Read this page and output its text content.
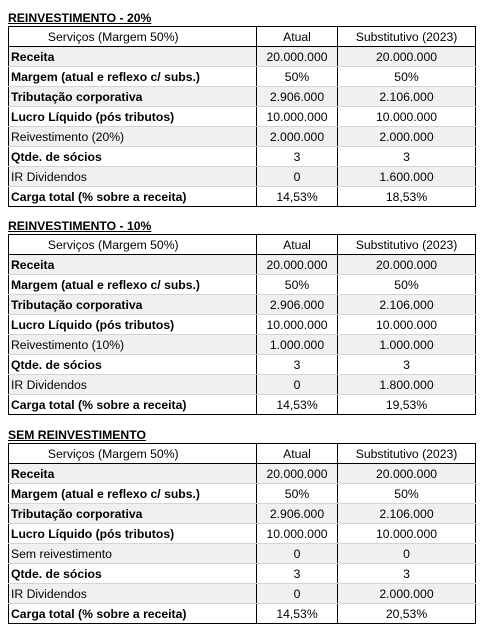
REINVESTIMENTO - 20%
Serviços (Margem 50%)		Atual	Substitutivo (2023)
Receita		20.000.000	20.000.000
Margem (atual e reflexo c/ subs.)		50%	50%
Tributação corporativa		2.906.000	2.106.000
Lucro Líquido (pós tributos)		10.000.000	10.000.000
Reivestimento (20%)		2.000.000	2.000.000
Qtde. de sócios		3	3
IR Dividendos		0	1.600.000
Carga total (% sobre a receita)		14,53%	18,53%
REINVESTIMENTO - 10%
Serviços (Margem 50%)		Atual	Substitutivo (2023)
Receita		20.000.000	20.000.000
Margem (atual e reflexo c/ subs.)		50%	50%
Tributação corporativa		2.906.000	2.106.000
Lucro Líquido (pós tributos)		10.000.000	10.000.000
Reivestimento (10%)		1.000.000	1.000.000
Qtde. de sócios		3	3
IR Dividendos		0	1.800.000
Carga total (% sobre a receita)		14,53%	19,53%
SEM REINVESTIMENTO
Serviços (Margem 50%)		Atual	Substitutivo (2023)
Receita		20.000.000	20.000.000
Margem (atual e reflexo c/ subs.)		50%	50%
Tributação corporativa		2.906.000	2.106.000
Lucro Líquido (pós tributos)		10.000.000	10.000.000
Sem reivestimento		0	0
Qtde. de sócios		3	3
IR Dividendos		0	2.000.000
Carga total (% sobre a receita)		14,53%	20,53%
